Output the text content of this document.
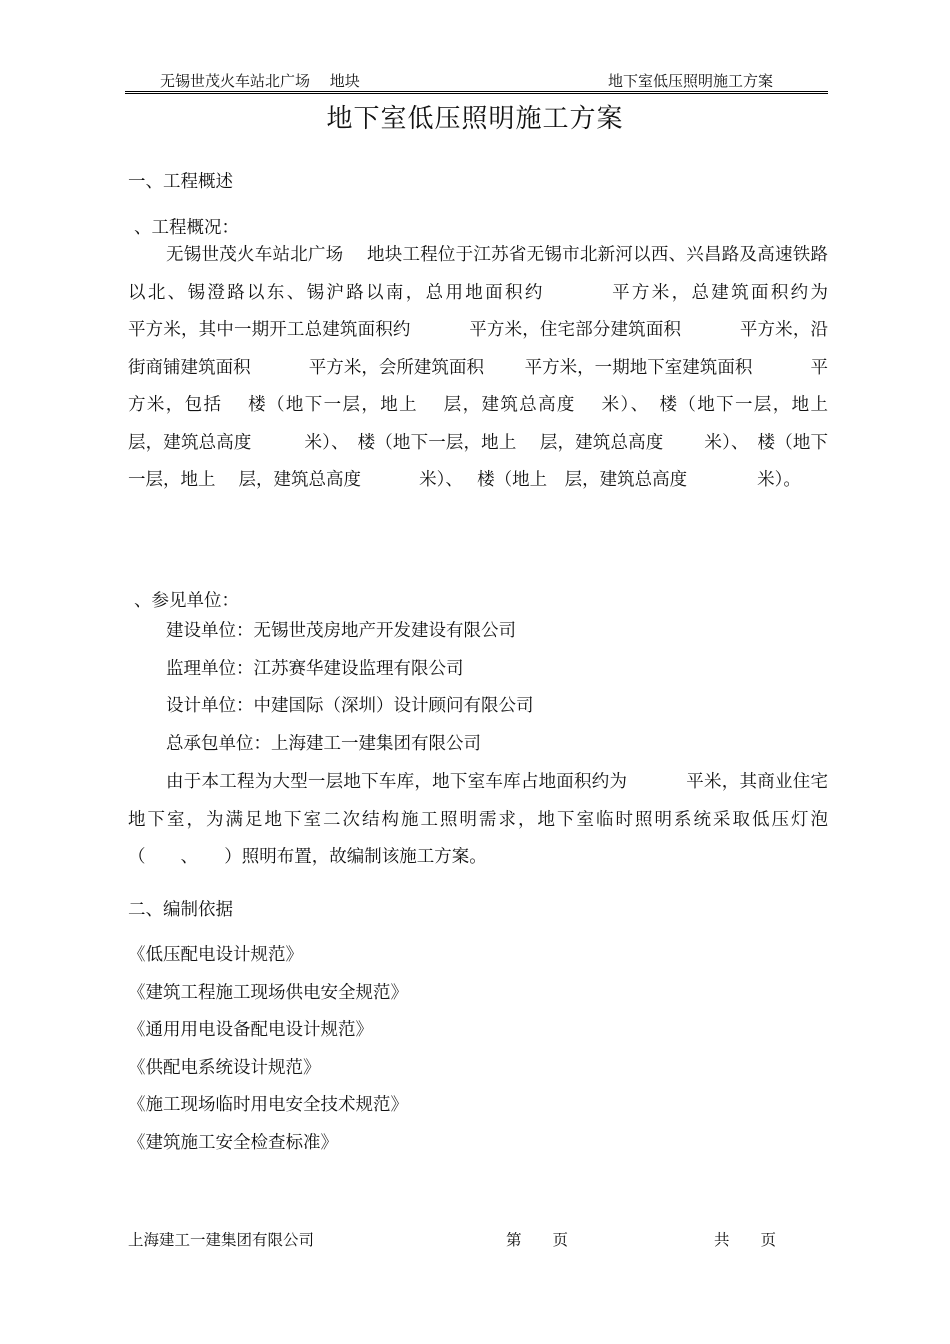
无锡世茂火车站北广场　 地块	地下室低压照明施工方案
地下室低压照明施工方案
一、工程概述
、工程概况：

无锡世茂火车站北广场　 地块工程位于江苏省无锡市北新河以西、兴昌路及高速铁路以北、锡澄路以东、锡沪路以南，总用地面积约　　　 平方米，总建筑面积约为　　　 　平方米，其中一期开工总建筑面积约　　　 平方米，住宅部分建筑面积　　　 平方米，沿街商铺建筑面积　　　 平方米，会所建筑面积　　 平方米，一期地下室建筑面积　　　 平方米，包括　 楼（地下一层，地上　 层，建筑总高度　 米）、　楼（地下一层，地上　 层，建筑总高度　　　米）、　楼（地下一层，地上　 层，建筑总高度　 　米）、　楼（地下一层，地上　 层，建筑总高度　　　 米）、　 楼（地上　层，建筑总高度　　　　米）。

、参见单位：
建设单位：无锡世茂房地产开发建设有限公司
监理单位：江苏赛华建设监理有限公司
设计单位：中建国际（深圳）设计顾问有限公司
总承包单位：上海建工一建集团有限公司

由于本工程为大型一层地下车库，地下室车库占地面积约为　　　 平米，其商业住宅地下室，为满足地下室二次结构施工照明需求，地下室临时照明系统采取低压灯泡（　　、　　）照明布置，故编制该施工方案。

二、编制依据
《低压配电设计规范》
《建筑工程施工现场供电安全规范》
《通用用电设备配电设计规范》
《供配电系统设计规范》
《施工现场临时用电安全技术规范》
《建筑施工安全检查标准》
上海建工一建集团有限公司	第　　页	共　　页
